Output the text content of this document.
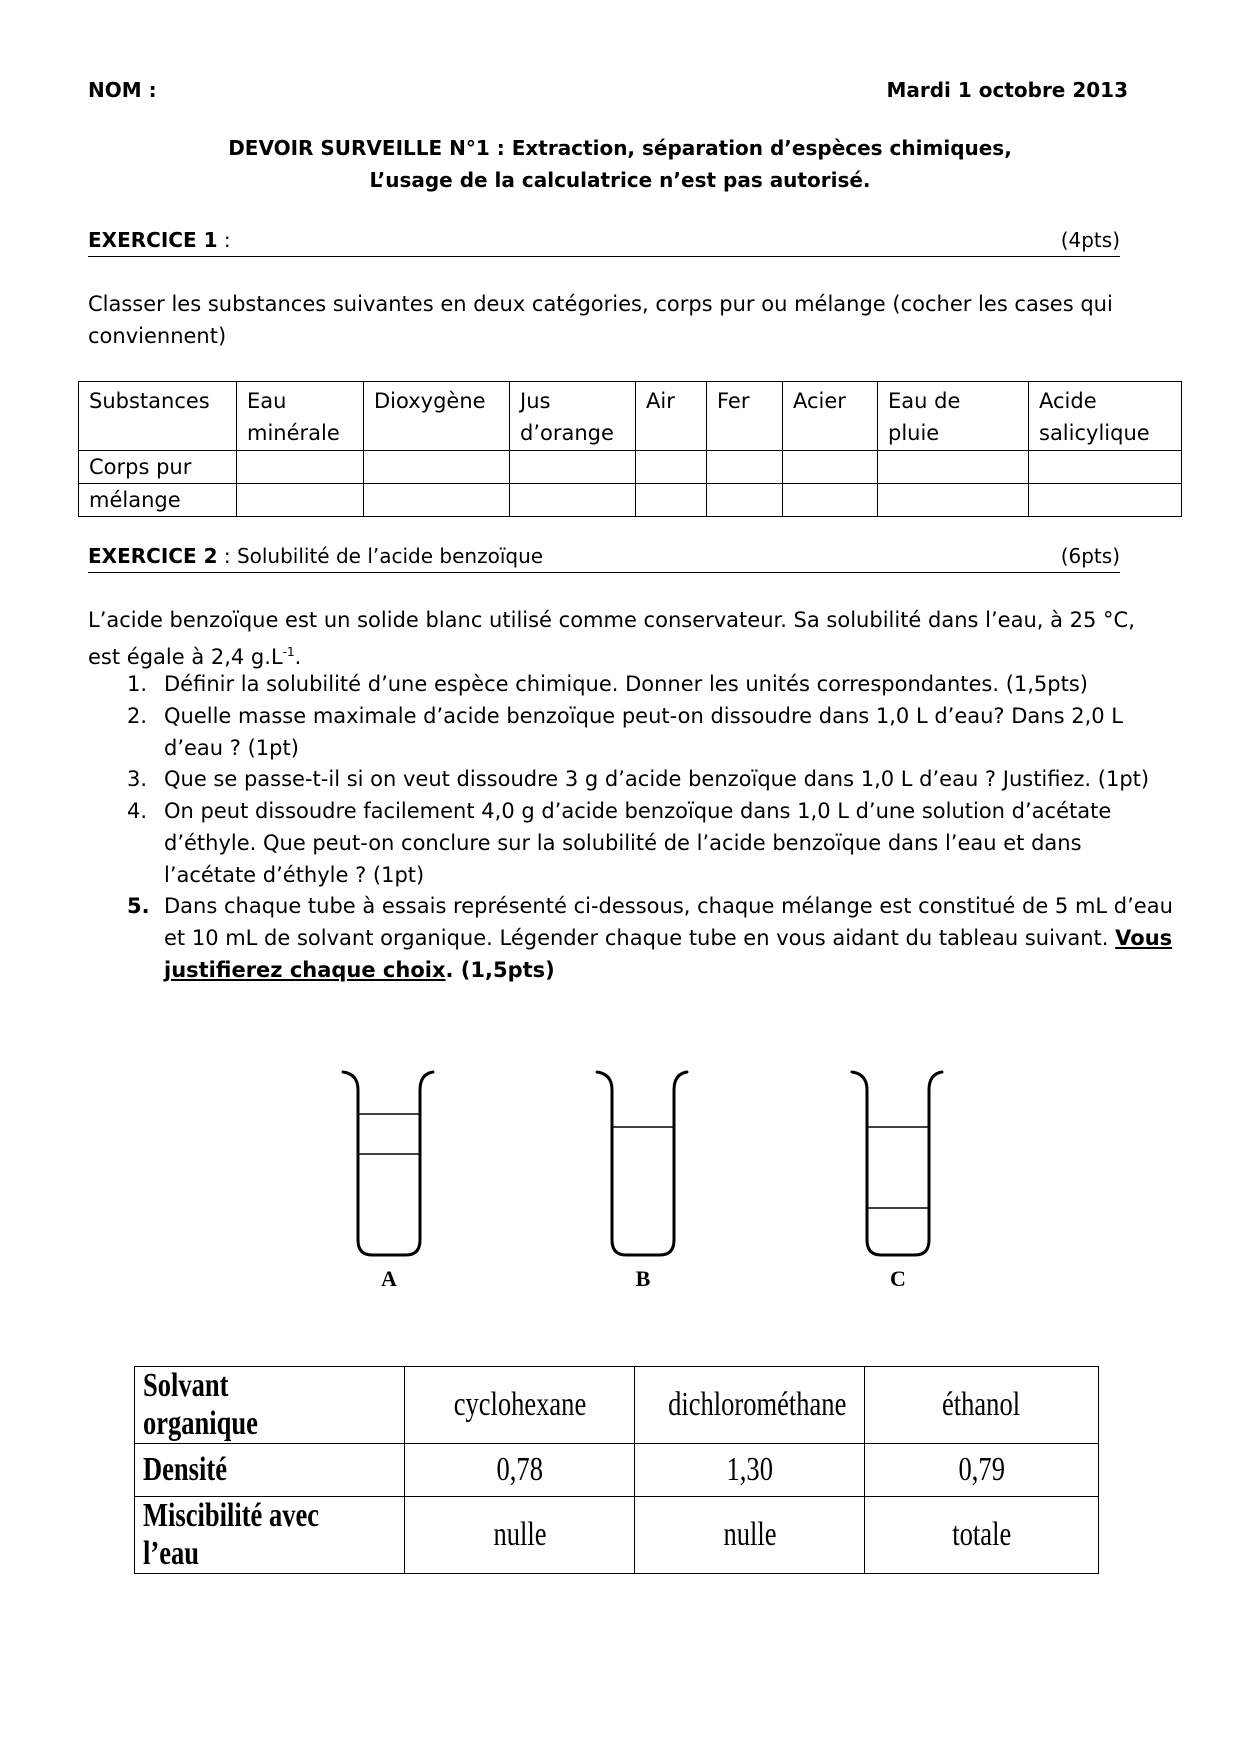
NOM :	Mardi 1 octobre 2013
DEVOIR SURVEILLE N°1 : Extraction, séparation d’espèces chimiques,
L’usage de la calculatrice n’est pas autorisé.
EXERCICE 1 :	(4pts)
Classer les substances suivantes en deux catégories, corps pur ou mélange (cocher les cases qui conviennent)
Substances	Eau minérale	Dioxygène	Jus d’orange	Air	Fer	Acier	Eau de pluie	Acide salicylique
Corps pur								
mélange								
EXERCICE 2 : Solubilité de l’acide benzoïque	(6pts)
L’acide benzoïque est un solide blanc utilisé comme conservateur. Sa solubilité dans l’eau, à 25 °C, est égale à 2,4 $g.L^{-1}$.
1. Définir la solubilité d’une espèce chimique. Donner les unités correspondantes. (1,5pts)
2. Quelle masse maximale d’acide benzoïque peut-on dissoudre dans 1,0 L d’eau? Dans 2,0 L d’eau ? (1pt)
3. Que se passe-t-il si on veut dissoudre 3 g d’acide benzoïque dans 1,0 L d’eau ? Justifiez. (1pt)
4. On peut dissoudre facilement 4,0 g d’acide benzoïque dans 1,0 L d’une solution d’acétate d’éthyle. Que peut-on conclure sur la solubilité de l’acide benzoïque dans l’eau et dans l’acétate d’éthyle ? (1pt)
5. Dans chaque tube à essais représenté ci-dessous, chaque mélange est constitué de 5 mL d’eau et 10 mL de solvant organique. Légender chaque tube en vous aidant du tableau suivant. Vous justifierez chaque choix. (1,5pts)
A	B	C
Solvant organique	cyclohexane	dichlorométhane	éthanol
Densité	0,78	1,30	0,79
Miscibilité avec l’eau	nulle	nulle	totale
